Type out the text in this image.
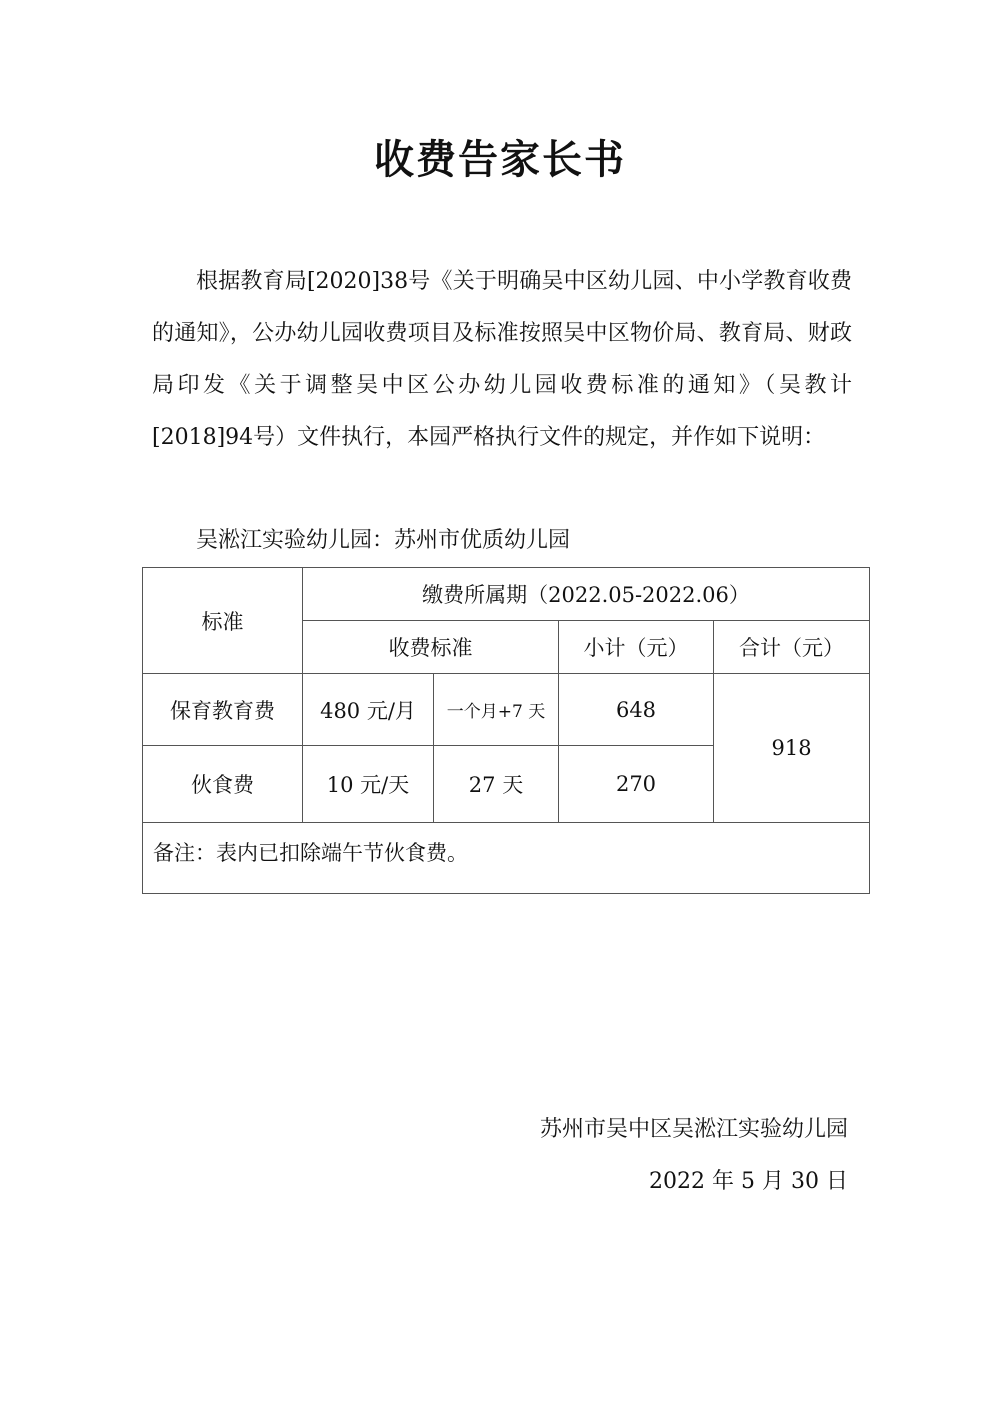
收费告家长书

根据教育局[2020]38号《关于明确吴中区幼儿园、中小学教育收费的通知》，公办幼儿园收费项目及标准按照吴中区物价局、教育局、财政局印发《关于调整吴中区公办幼儿园收费标准的通知》（吴教计[2018]94号）文件执行，本园严格执行文件的规定，并作如下说明：

吴淞江实验幼儿园：苏州市优质幼儿园

标准	缴费所属期（2022.05-2022.06）			
	收费标准		小计（元）	合计（元）
保育教育费	480 元/月	一个月+7 天	648	918
伙食费	10 元/天	27 天	270	
备注：表内已扣除端午节伙食费。				

苏州市吴中区吴淞江实验幼儿园

2022 年 5 月 30 日
